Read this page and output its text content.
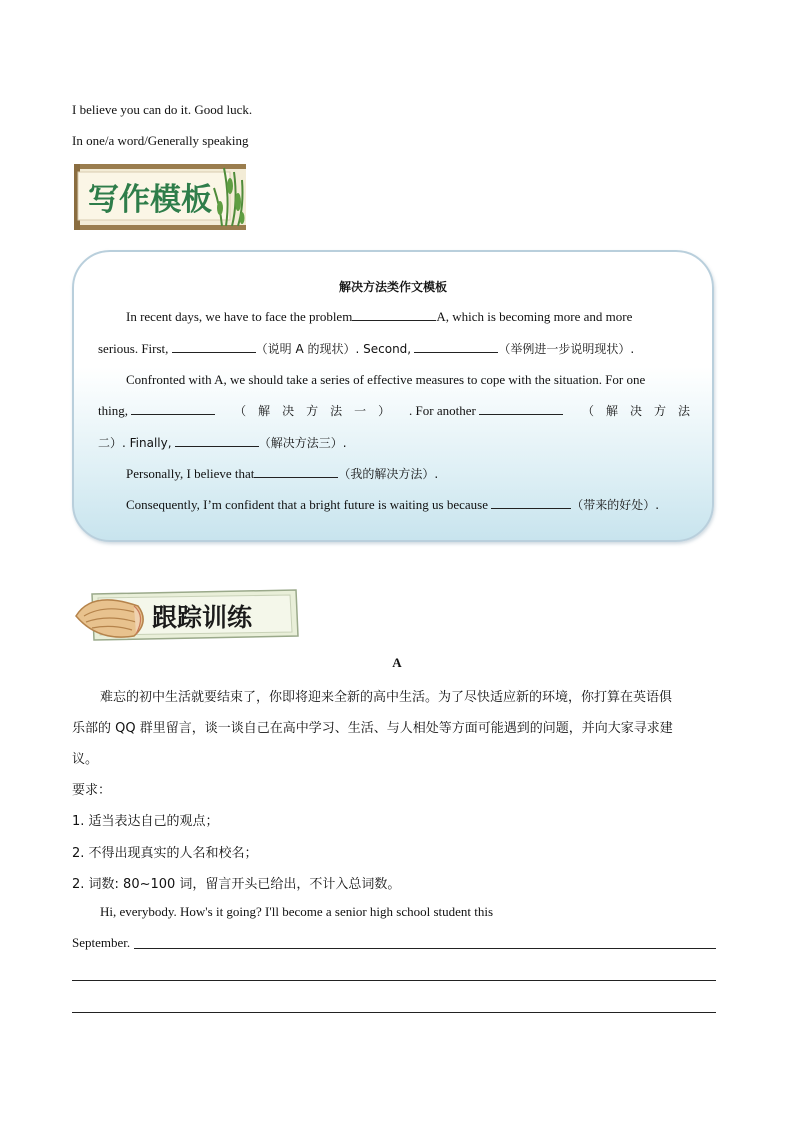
I believe you can do it. Good luck.
In one/a word/Generally speaking
写作模板
解决方法类作文模板
In recent days, we have to face the problem	A, which is becoming more and more
serious. First,	（说明 A 的现状）. Second,	（举例进一步说明现状）.
Confronted with A, we should take a series of effective measures to cope with the situation. For one
thing,	（　解　决　方　法　一　） . For another	（　解　决　方　法
二）. Finally,	（解决方法三）.
Personally, I believe that	（我的解决方法）.
Consequently, I’m confident that a bright future is waiting us because	（带来的好处）.
跟踪训练
A
难忘的初中生活就要结束了，你即将迎来全新的高中生活。为了尽快适应新的环境，你打算在英语俱
乐部的 QQ 群里留言，谈一谈自己在高中学习、生活、与人相处等方面可能遇到的问题，并向大家寻求建
议。
要求：
1. 适当表达自己的观点；
2. 不得出现真实的人名和校名；
2. 词数: 80~100 词，留言开头已给出，不计入总词数。
Hi, everybody. How's it going? I'll become a senior high school student this
September.
